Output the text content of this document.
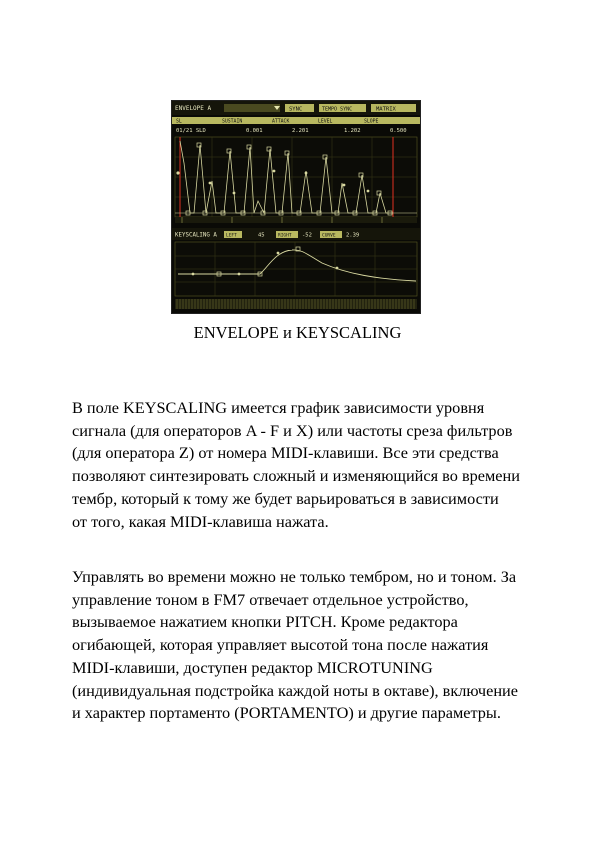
ENVELOPE A	SYNC	TEMPO SYNC	MATRIX
SL	SUSTAIN	ATTACK	LEVEL	SLOPE
01/21 SLD	0.001	2.201	1.202	0.500
KEYSCALING A LEFT	45	RIGHT -52 CURVE 2.39
ENVELOPE и KEYSCALING
В поле KEYSCALING имеется график зависимости уровня
сигнала (для операторов A - F и X) или частоты среза фильтров
(для оператора Z) от номера MIDI-клавиши. Все эти средства
позволяют синтезировать сложный и изменяющийся во времени
тембр, который к тому же будет варьироваться в зависимости
от того, какая MIDI-клавиша нажата.
Управлять во времени можно не только тембром, но и тоном. За
управление тоном в FM7 отвечает отдельное устройство,
вызываемое нажатием кнопки PITCH. Кроме редактора
огибающей, которая управляет высотой тона после нажатия
MIDI-клавиши, доступен редактор MICROTUNING
(индивидуальная подстройка каждой ноты в октаве), включение
и характер портаменто (PORTAMENTO) и другие параметры.
